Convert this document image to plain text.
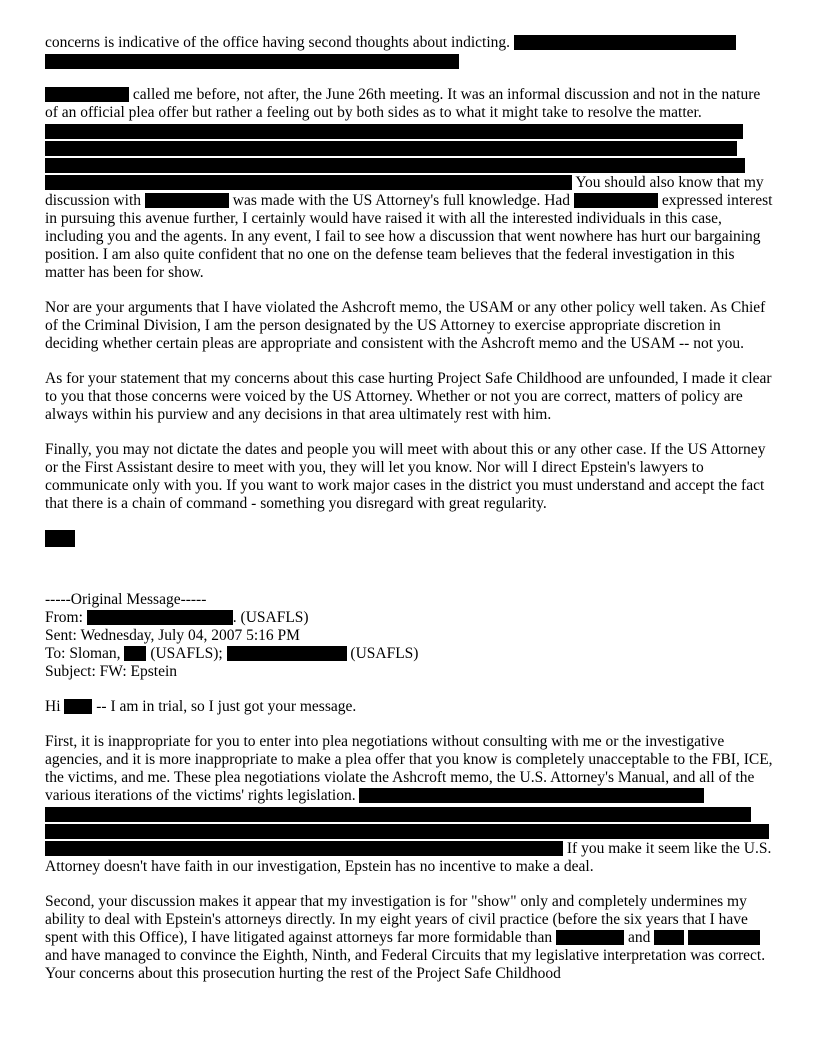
concerns is indicative of the office having second thoughts about indicting.

called me before, not after, the June 26th meeting. It was an informal discussion and not in the nature of an official plea offer but rather a feeling out by both sides as to what it might take to resolve the matter.
You should also know that my discussion with	was made with the US Attorney's full knowledge. Had	expressed interest in pursuing this avenue further, I certainly would have raised it with all the interested individuals in this case, including you and the agents. In any event, I fail to see how a discussion that went nowhere has hurt our bargaining position. I am also quite confident that no one on the defense team believes that the federal investigation in this matter has been for show.

Nor are your arguments that I have violated the Ashcroft memo, the USAM or any other policy well taken. As Chief of the Criminal Division, I am the person designated by the US Attorney to exercise appropriate discretion in deciding whether certain pleas are appropriate and consistent with the Ashcroft memo and the USAM -- not you.

As for your statement that my concerns about this case hurting Project Safe Childhood are unfounded, I made it clear to you that those concerns were voiced by the US Attorney. Whether or not you are correct, matters of policy are always within his purview and any decisions in that area ultimately rest with him.

Finally, you may not dictate the dates and people you will meet with about this or any other case. If the US Attorney or the First Assistant desire to meet with you, they will let you know. Nor will I direct Epstein's lawyers to communicate only with you. If you want to work major cases in the district you must understand and accept the fact that there is a chain of command - something you disregard with great regularity.

-----Original Message-----
From:	. (USAFLS)
Sent: Wednesday, July 04, 2007 5:16 PM
To: Sloman, (USAFLS);	(USAFLS)
Subject: FW: Epstein

Hi -- I am in trial, so I just got your message.

First, it is inappropriate for you to enter into plea negotiations without consulting with me or the investigative agencies, and it is more inappropriate to make a plea offer that you know is completely unacceptable to the FBI, ICE, the victims, and me. These plea negotiations violate the Ashcroft memo, the U.S. Attorney's Manual, and all of the various iterations of the victims' rights legislation.
If you make it seem like the U.S. Attorney doesn't have faith in our investigation, Epstein has no incentive to make a deal.

Second, your discussion makes it appear that my investigation is for "show" only and completely undermines my ability to deal with Epstein's attorneys directly. In my eight years of civil practice (before the six years that I have spent with this Office), I have litigated against attorneys far more formidable than	and   and have managed to convince the Eighth, Ninth, and Federal Circuits that my legislative interpretation was correct. Your concerns about this prosecution hurting the rest of the Project Safe Childhood
